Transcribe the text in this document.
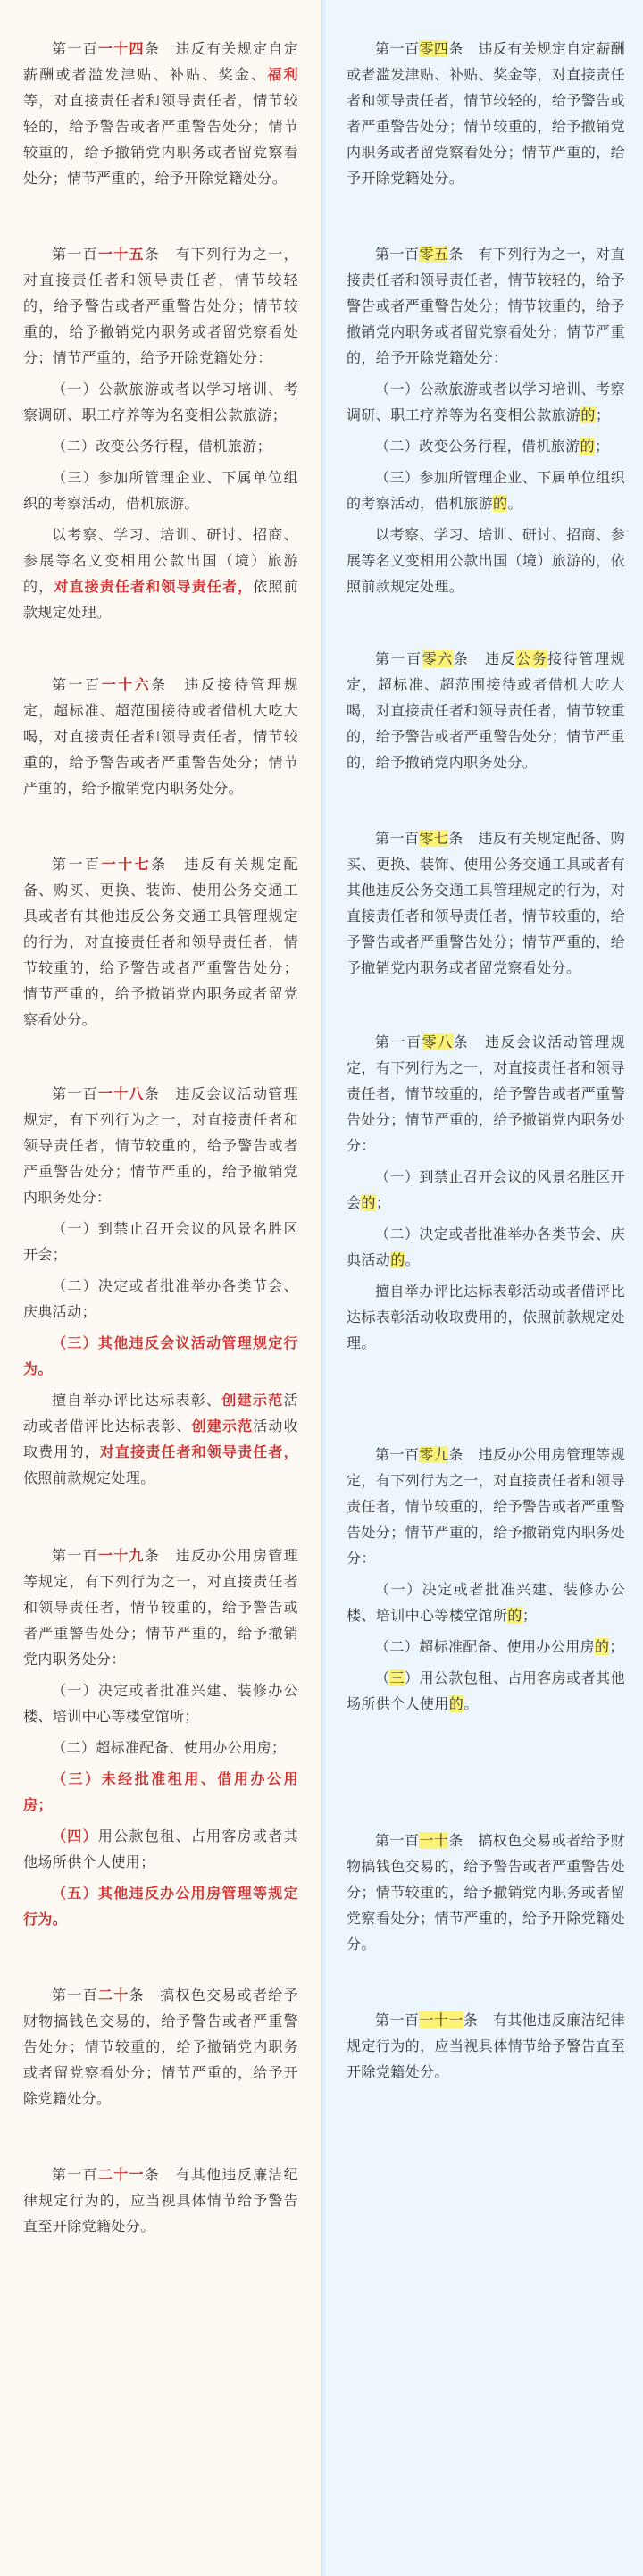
第一百一十四条　违反有关规定自定薪酬或者滥发津贴、补贴、奖金、福利等，对直接责任者和领导责任者，情节较轻的，给予警告或者严重警告处分；情节较重的，给予撤销党内职务或者留党察看处分；情节严重的，给予开除党籍处分。

第一百一十五条　有下列行为之一，对直接责任者和领导责任者，情节较轻的，给予警告或者严重警告处分；情节较重的，给予撤销党内职务或者留党察看处分；情节严重的，给予开除党籍处分：

（一）公款旅游或者以学习培训、考察调研、职工疗养等为名变相公款旅游；

（二）改变公务行程，借机旅游；

（三）参加所管理企业、下属单位组织的考察活动，借机旅游。

以考察、学习、培训、研讨、招商、参展等名义变相用公款出国（境）旅游的，对直接责任者和领导责任者，依照前款规定处理。

第一百一十六条　违反接待管理规定，超标准、超范围接待或者借机大吃大喝，对直接责任者和领导责任者，情节较重的，给予警告或者严重警告处分；情节严重的，给予撤销党内职务处分。

第一百一十七条　违反有关规定配备、购买、更换、装饰、使用公务交通工具或者有其他违反公务交通工具管理规定的行为，对直接责任者和领导责任者，情节较重的，给予警告或者严重警告处分；情节严重的，给予撤销党内职务或者留党察看处分。

第一百一十八条　违反会议活动管理规定，有下列行为之一，对直接责任者和领导责任者，情节较重的，给予警告或者严重警告处分；情节严重的，给予撤销党内职务处分：

（一）到禁止召开会议的风景名胜区开会；

（二）决定或者批准举办各类节会、庆典活动；

（三）其他违反会议活动管理规定行为。

擅自举办评比达标表彰、创建示范活动或者借评比达标表彰、创建示范活动收取费用的，对直接责任者和领导责任者，依照前款规定处理。

第一百一十九条　违反办公用房管理等规定，有下列行为之一，对直接责任者和领导责任者，情节较重的，给予警告或者严重警告处分；情节严重的，给予撤销党内职务处分：

（一）决定或者批准兴建、装修办公楼、培训中心等楼堂馆所；

（二）超标准配备、使用办公用房；

（三）未经批准租用、借用办公用房；

（四）用公款包租、占用客房或者其他场所供个人使用；

（五）其他违反办公用房管理等规定行为。

第一百二十条　搞权色交易或者给予财物搞钱色交易的，给予警告或者严重警告处分；情节较重的，给予撤销党内职务或者留党察看处分；情节严重的，给予开除党籍处分。

第一百二十一条　有其他违反廉洁纪律规定行为的，应当视具体情节给予警告直至开除党籍处分。

第一百零四条　违反有关规定自定薪酬或者滥发津贴、补贴、奖金等，对直接责任者和领导责任者，情节较轻的，给予警告或者严重警告处分；情节较重的，给予撤销党内职务或者留党察看处分；情节严重的，给予开除党籍处分。

第一百零五条　有下列行为之一，对直接责任者和领导责任者，情节较轻的，给予警告或者严重警告处分；情节较重的，给予撤销党内职务或者留党察看处分；情节严重的，给予开除党籍处分：

（一）公款旅游或者以学习培训、考察调研、职工疗养等为名变相公款旅游的；

（二）改变公务行程，借机旅游的；

（三）参加所管理企业、下属单位组织的考察活动，借机旅游的。

以考察、学习、培训、研讨、招商、参展等名义变相用公款出国（境）旅游的，依照前款规定处理。

第一百零六条　违反公务接待管理规定，超标准、超范围接待或者借机大吃大喝，对直接责任者和领导责任者，情节较重的，给予警告或者严重警告处分；情节严重的，给予撤销党内职务处分。

第一百零七条　违反有关规定配备、购买、更换、装饰、使用公务交通工具或者有其他违反公务交通工具管理规定的行为，对直接责任者和领导责任者，情节较重的，给予警告或者严重警告处分；情节严重的，给予撤销党内职务或者留党察看处分。

第一百零八条　违反会议活动管理规定，有下列行为之一，对直接责任者和领导责任者，情节较重的，给予警告或者严重警告处分；情节严重的，给予撤销党内职务处分：

（一）到禁止召开会议的风景名胜区开会的；

（二）决定或者批准举办各类节会、庆典活动的。

擅自举办评比达标表彰活动或者借评比达标表彰活动收取费用的，依照前款规定处理。

第一百零九条　违反办公用房管理等规定，有下列行为之一，对直接责任者和领导责任者，情节较重的，给予警告或者严重警告处分；情节严重的，给予撤销党内职务处分：

（一）决定或者批准兴建、装修办公楼、培训中心等楼堂馆所的；

（二）超标准配备、使用办公用房的；

（三）用公款包租、占用客房或者其他场所供个人使用的。

第一百一十条　搞权色交易或者给予财物搞钱色交易的，给予警告或者严重警告处分；情节较重的，给予撤销党内职务或者留党察看处分；情节严重的，给予开除党籍处分。

第一百一十一条　有其他违反廉洁纪律规定行为的，应当视具体情节给予警告直至开除党籍处分。
